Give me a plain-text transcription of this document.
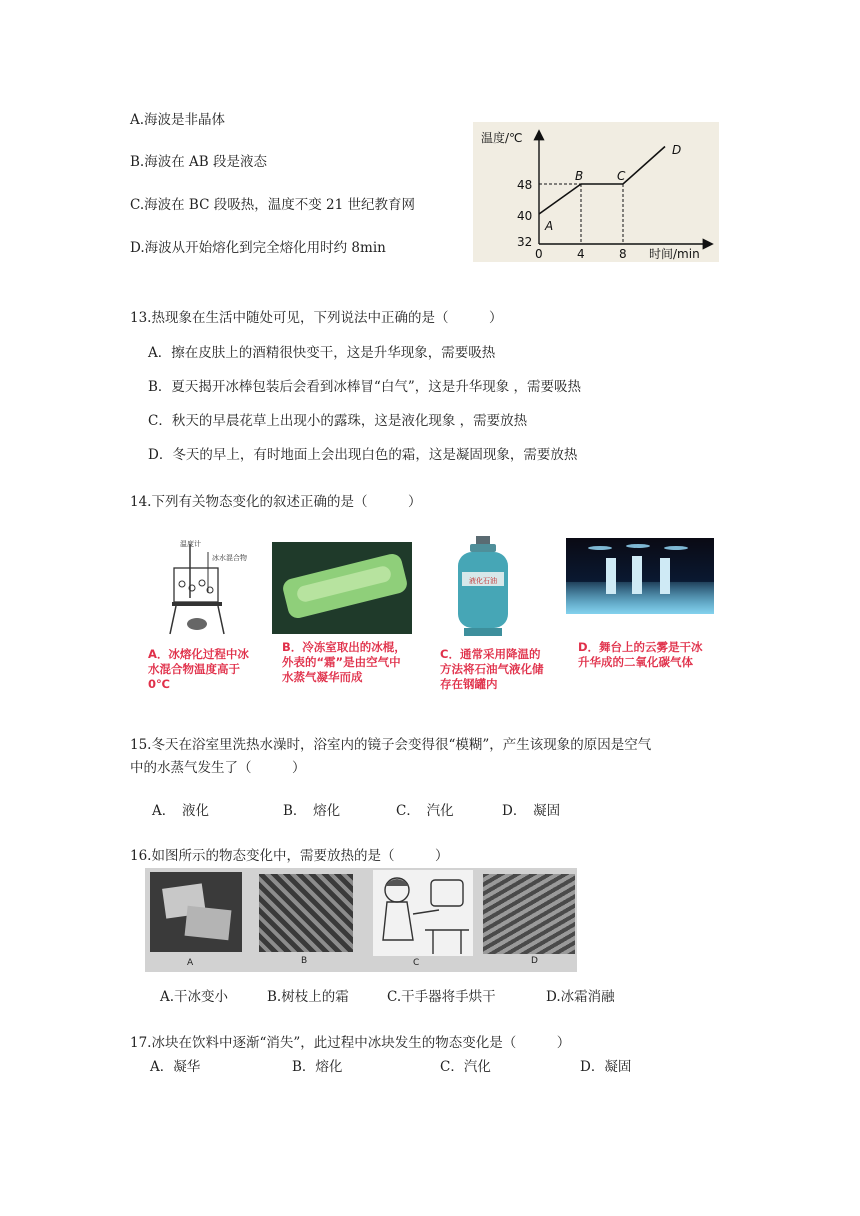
A.海波是非晶体
B.海波在 AB 段是液态
C.海波在 BC 段吸热，温度不变 21 世纪教育网
D.海波从开始熔化到完全熔化用时约 8min
温度/℃
时间/min
48
40
32
0	4	8
A
B	C
D
13.热现象在生活中随处可见，下列说法中正确的是（　　　）
A．擦在皮肤上的酒精很快变干，这是升华现象，需要吸热
B．夏天揭开冰棒包装后会看到冰棒冒“白气”，这是升华现象 ，需要吸热
C．秋天的早晨花草上出现小的露珠，这是液化现象 ，需要放热
D．冬天的早上，有时地面上会出现白色的霜，这是凝固现象，需要放热
14.下列有关物态变化的叙述正确的是（　　　）
温度计
冰水混合物
A．冰熔化过程中冰水混合物温度高于0℃
B．冷冻室取出的冰棍，外表的“霜”是由空气中水蒸气凝华而成
液化石油
C．通常采用降温的方法将石油气液化储存在钢罐内
D．舞台上的云雾是干冰升华成的二氧化碳气体
15.冬天在浴室里洗热水澡时，浴室内的镜子会变得很“模糊”，产生该现象的原因是空气
中的水蒸气发生了（　　　）
A．　液化	B．　熔化	C．　汽化	D．　凝固
16.如图所示的物态变化中，需要放热的是（　　　）
A	B	C	D
A.干冰变小	B.树枝上的霜	C.干手器将手烘干	D.冰霜消融
17.冰块在饮料中逐渐“消失”，此过程中冰块发生的物态变化是（　　　）
A．凝华	B．熔化	C．汽化	D．凝固
